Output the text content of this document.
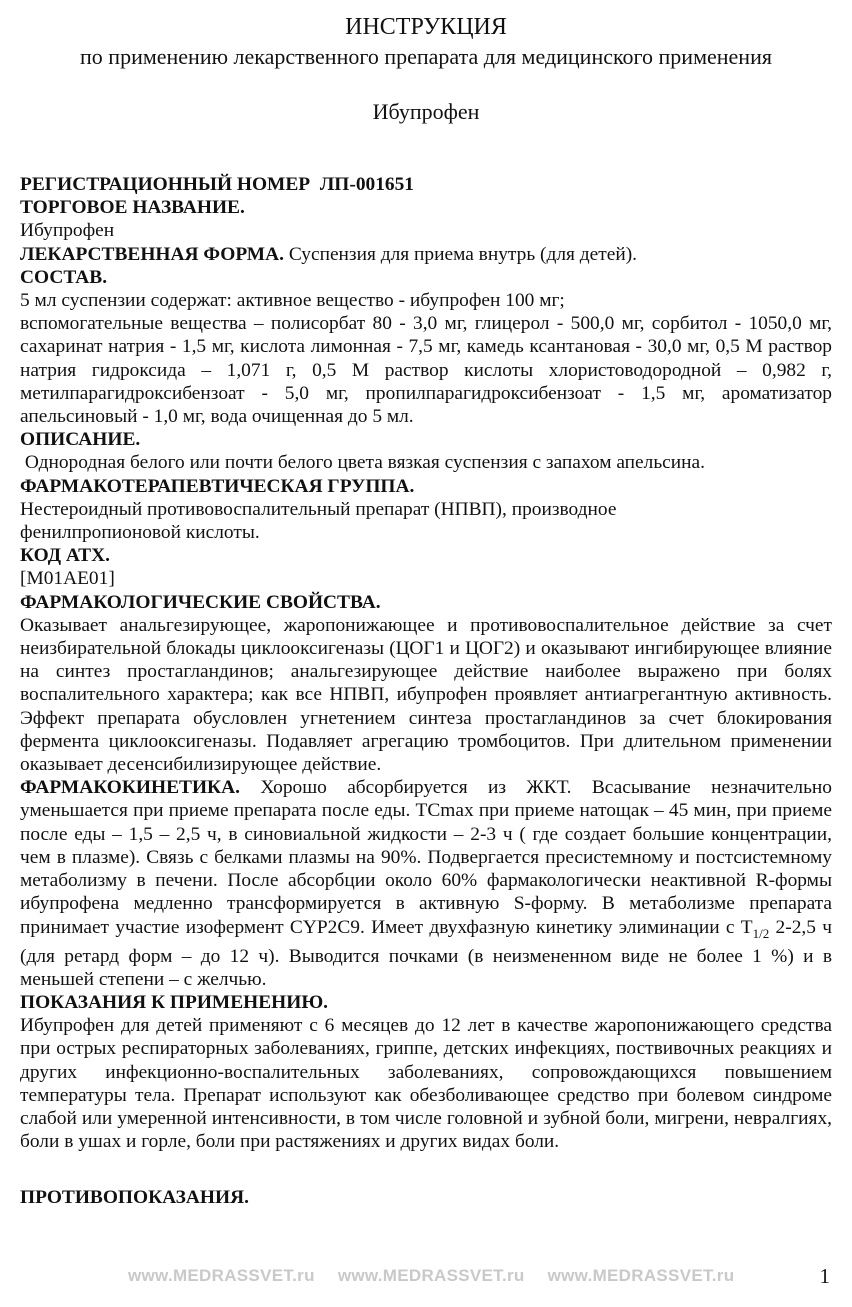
ИНСТРУКЦИЯ
по применению лекарственного препарата для медицинского применения
Ибупрофен

РЕГИСТРАЦИОННЫЙ НОМЕР ЛП-001651

ТОРГОВОЕ НАЗВАНИЕ.

Ибупрофен

ЛЕКАРСТВЕННАЯ ФОРМА. Суспензия для приема внутрь (для детей).

СОСТАВ.

5 мл суспензии содержат: активное вещество - ибупрофен 100 мг;

вспомогательные вещества – полисорбат 80 - 3,0 мг, глицерол - 500,0 мг, сорбитол - 1050,0 мг, сахаринат натрия - 1,5 мг, кислота лимонная - 7,5 мг, камедь ксантановая - 30,0 мг, 0,5 М раствор натрия гидроксида – 1,071 г, 0,5 М раствор кислоты хлористоводородной – 0,982 г, метилпарагидроксибензоат - 5,0 мг, пропилпарагидроксибензоат - 1,5 мг, ароматизатор апельсиновый - 1,0 мг, вода очищенная до 5 мл.

ОПИСАНИЕ.

Однородная белого или почти белого цвета вязкая суспензия с запахом апельсина.

ФАРМАКОТЕРАПЕВТИЧЕСКАЯ ГРУППА.

Нестероидный противовоспалительный препарат (НПВП), производное

фенилпропионовой кислоты.

КОД АТХ.

[M01AE01]

ФАРМАКОЛОГИЧЕСКИЕ СВОЙСТВА.

Оказывает анальгезирующее, жаропонижающее и противовоспалительное действие за счет неизбирательной блокады циклооксигеназы (ЦОГ1 и ЦОГ2) и оказывают ингибирующее влияние на синтез простагландинов; анальгезирующее действие наиболее выражено при болях воспалительного характера; как все НПВП, ибупрофен проявляет антиагрегантную активность. Эффект препарата обусловлен угнетением синтеза простагландинов за счет блокирования фермента циклооксигеназы. Подавляет агрегацию тромбоцитов. При длительном применении оказывает десенсибилизирующее действие.

ФАРМАКОКИНЕТИКА. Хорошо абсорбируется из ЖКТ. Всасывание незначительно уменьшается при приеме препарата после еды. TCmax при приеме натощак – 45 мин, при приеме после еды – 1,5 – 2,5 ч, в синовиальной жидкости – 2-3 ч ( где создает большие концентрации, чем в плазме). Связь с белками плазмы на 90%. Подвергается пресистемному и постсистемному метаболизму в печени. После абсорбции около 60% фармакологически неактивной R-формы ибупрофена медленно трансформируется в активную S-форму. В метаболизме препарата принимает участие изофермент CYP2C9. Имеет двухфазную кинетику элиминации с $T_{1/2}$ 2-2,5 ч (для ретард форм – до 12 ч). Выводится почками (в неизмененном виде не более 1 %) и в меньшей степени – с желчью.

ПОКАЗАНИЯ К ПРИМЕНЕНИЮ.

Ибупрофен для детей применяют с 6 месяцев до 12 лет в качестве жаропонижающего средства при острых респираторных заболеваниях, гриппе, детских инфекциях, поствивочных реакциях и других инфекционно-воспалительных заболеваниях, сопровождающихся повышением температуры тела. Препарат используют как обезболивающее средство при болевом синдроме слабой или умеренной интенсивности, в том числе головной и зубной боли, мигрени, невралгиях, боли в ушах и горле, боли при растяжениях и других видах боли.

ПРОТИВОПОКАЗАНИЯ.

www.MEDRASSVET.ru www.MEDRASSVET.ru www.MEDRASSVET.ru	1
